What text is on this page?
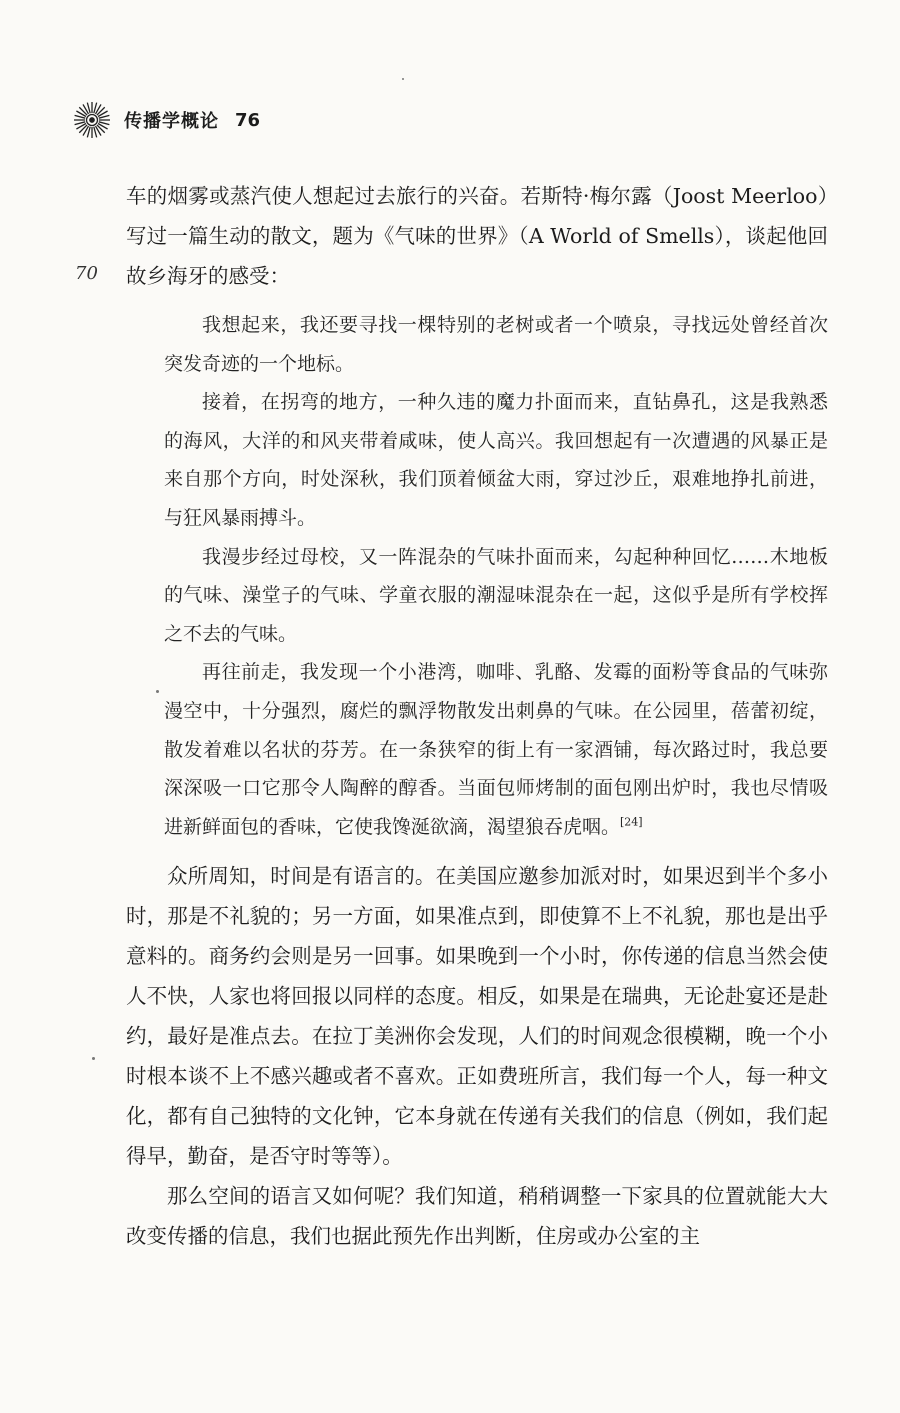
传播学概论 76
70

车的烟雾或蒸汽使人想起过去旅行的兴奋。若斯特·梅尔露（Joost Meerloo）写过一篇生动的散文，题为《气味的世界》（A World of Smells），谈起他回故乡海牙的感受：

我想起来，我还要寻找一棵特别的老树或者一个喷泉，寻找远处曾经首次突发奇迹的一个地标。

接着，在拐弯的地方，一种久违的魔力扑面而来，直钻鼻孔，这是我熟悉的海风，大洋的和风夹带着咸味，使人高兴。我回想起有一次遭遇的风暴正是来自那个方向，时处深秋，我们顶着倾盆大雨，穿过沙丘，艰难地挣扎前进，与狂风暴雨搏斗。

我漫步经过母校，又一阵混杂的气味扑面而来，勾起种种回忆……木地板的气味、澡堂子的气味、学童衣服的潮湿味混杂在一起，这似乎是所有学校挥之不去的气味。

再往前走，我发现一个小港湾，咖啡、乳酪、发霉的面粉等食品的气味弥漫空中，十分强烈，腐烂的飘浮物散发出刺鼻的气味。在公园里，蓓蕾初绽，散发着难以名状的芬芳。在一条狭窄的街上有一家酒铺，每次路过时，我总要深深吸一口它那令人陶醉的醇香。当面包师烤制的面包刚出炉时，我也尽情吸进新鲜面包的香味，它使我馋涎欲滴，渴望狼吞虎咽。[24]

众所周知，时间是有语言的。在美国应邀参加派对时，如果迟到半个多小时，那是不礼貌的；另一方面，如果准点到，即使算不上不礼貌，那也是出乎意料的。商务约会则是另一回事。如果晚到一个小时，你传递的信息当然会使人不快，人家也将回报以同样的态度。相反，如果是在瑞典，无论赴宴还是赴约，最好是准点去。在拉丁美洲你会发现，人们的时间观念很模糊，晚一个小时根本谈不上不感兴趣或者不喜欢。正如费班所言，我们每一个人，每一种文化，都有自己独特的文化钟，它本身就在传递有关我们的信息（例如，我们起得早，勤奋，是否守时等等）。

那么空间的语言又如何呢？我们知道，稍稍调整一下家具的位置就能大大改变传播的信息，我们也据此预先作出判断，住房或办公室的主
